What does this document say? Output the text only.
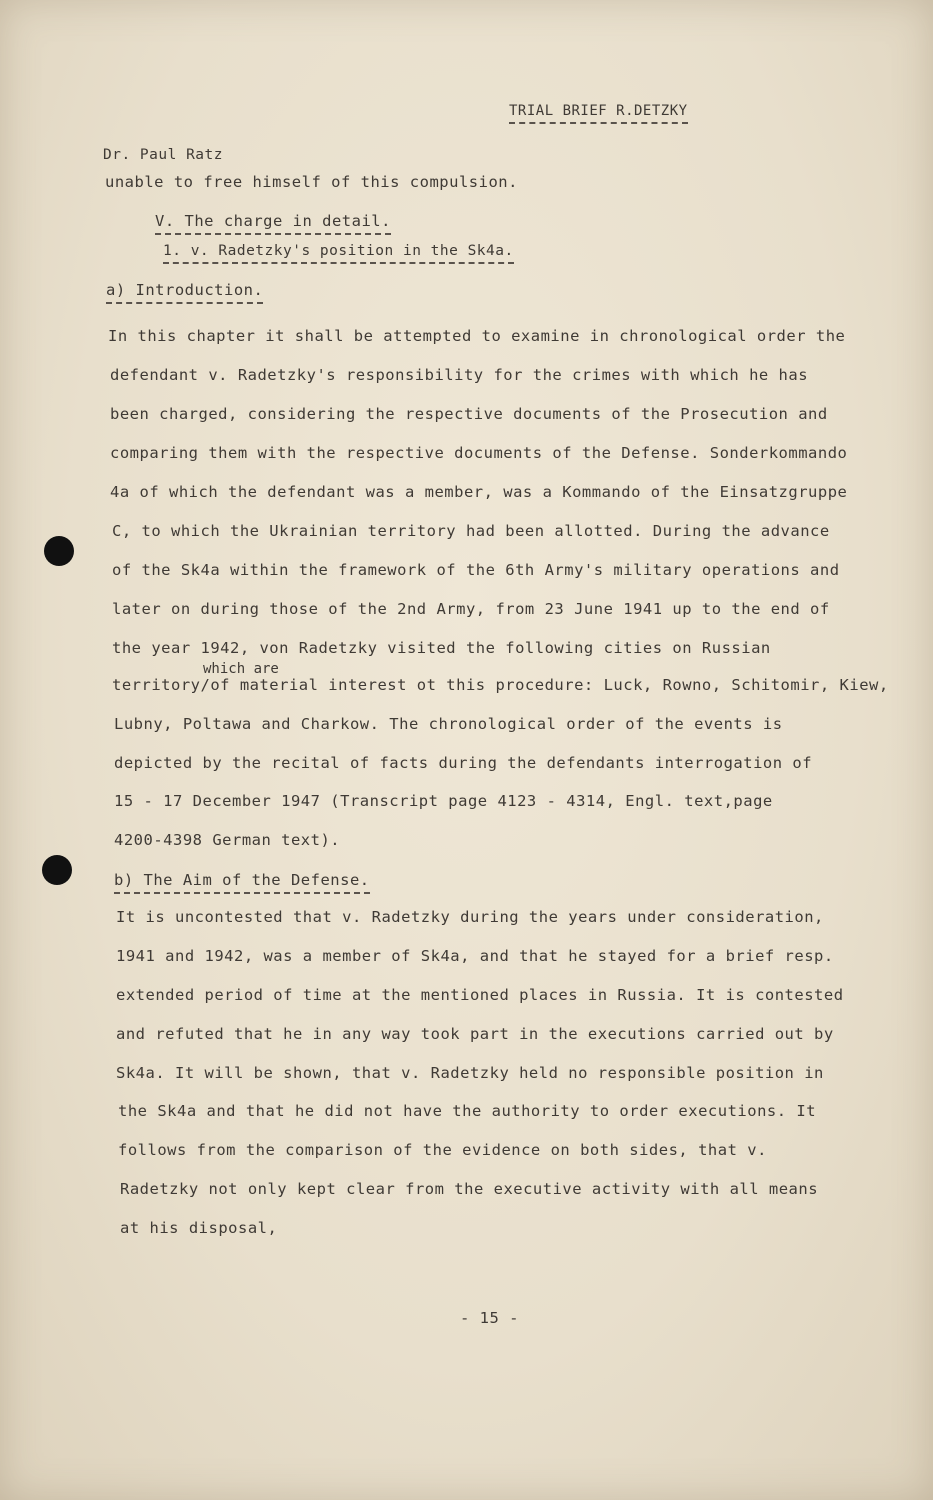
TRIAL BRIEF R.DETZKY
Dr. Paul Ratz
unable to free himself of this compulsion.
V. The charge in detail.
1. v. Radetzky's position in the Sk4a.
a) Introduction.
In this chapter it shall be attempted to examine in chronological order the
defendant v. Radetzky's responsibility for the crimes with which he has
been charged, considering the respective documents of the Prosecution and
comparing them with the respective documents of the Defense. Sonderkommando
4a of which the defendant was a member, was a Kommando of the Einsatzgruppe
C, to which the Ukrainian territory had been allotted. During the advance
of the Sk4a within the framework of the 6th Army's military operations and
later on during those of the 2nd Army, from 23 June 1941 up to the end of
the year 1942, von Radetzky visited the following cities on Russian
which are
territory/of material interest ot this procedure: Luck, Rowno, Schitomir, Kiew,
Lubny, Poltawa and Charkow. The chronological order of the events is
depicted by the recital of facts during the defendants interrogation of
15 - 17 December 1947 (Transcript page 4123 - 4314, Engl. text,page
4200-4398 German text).
b) The Aim of the Defense.
It is uncontested that v. Radetzky during the years under consideration,
1941 and 1942, was a member of Sk4a, and that he stayed for a brief resp.
extended period of time at the mentioned places in Russia. It is contested
and refuted that he in any way took part in the executions carried out by
Sk4a. It will be shown, that v. Radetzky held no responsible position in
the Sk4a and that he did not have the authority to order executions. It
follows from the comparison of the evidence on both sides, that v.
Radetzky not only kept clear from the executive activity with all means
at his disposal,
- 15 -
